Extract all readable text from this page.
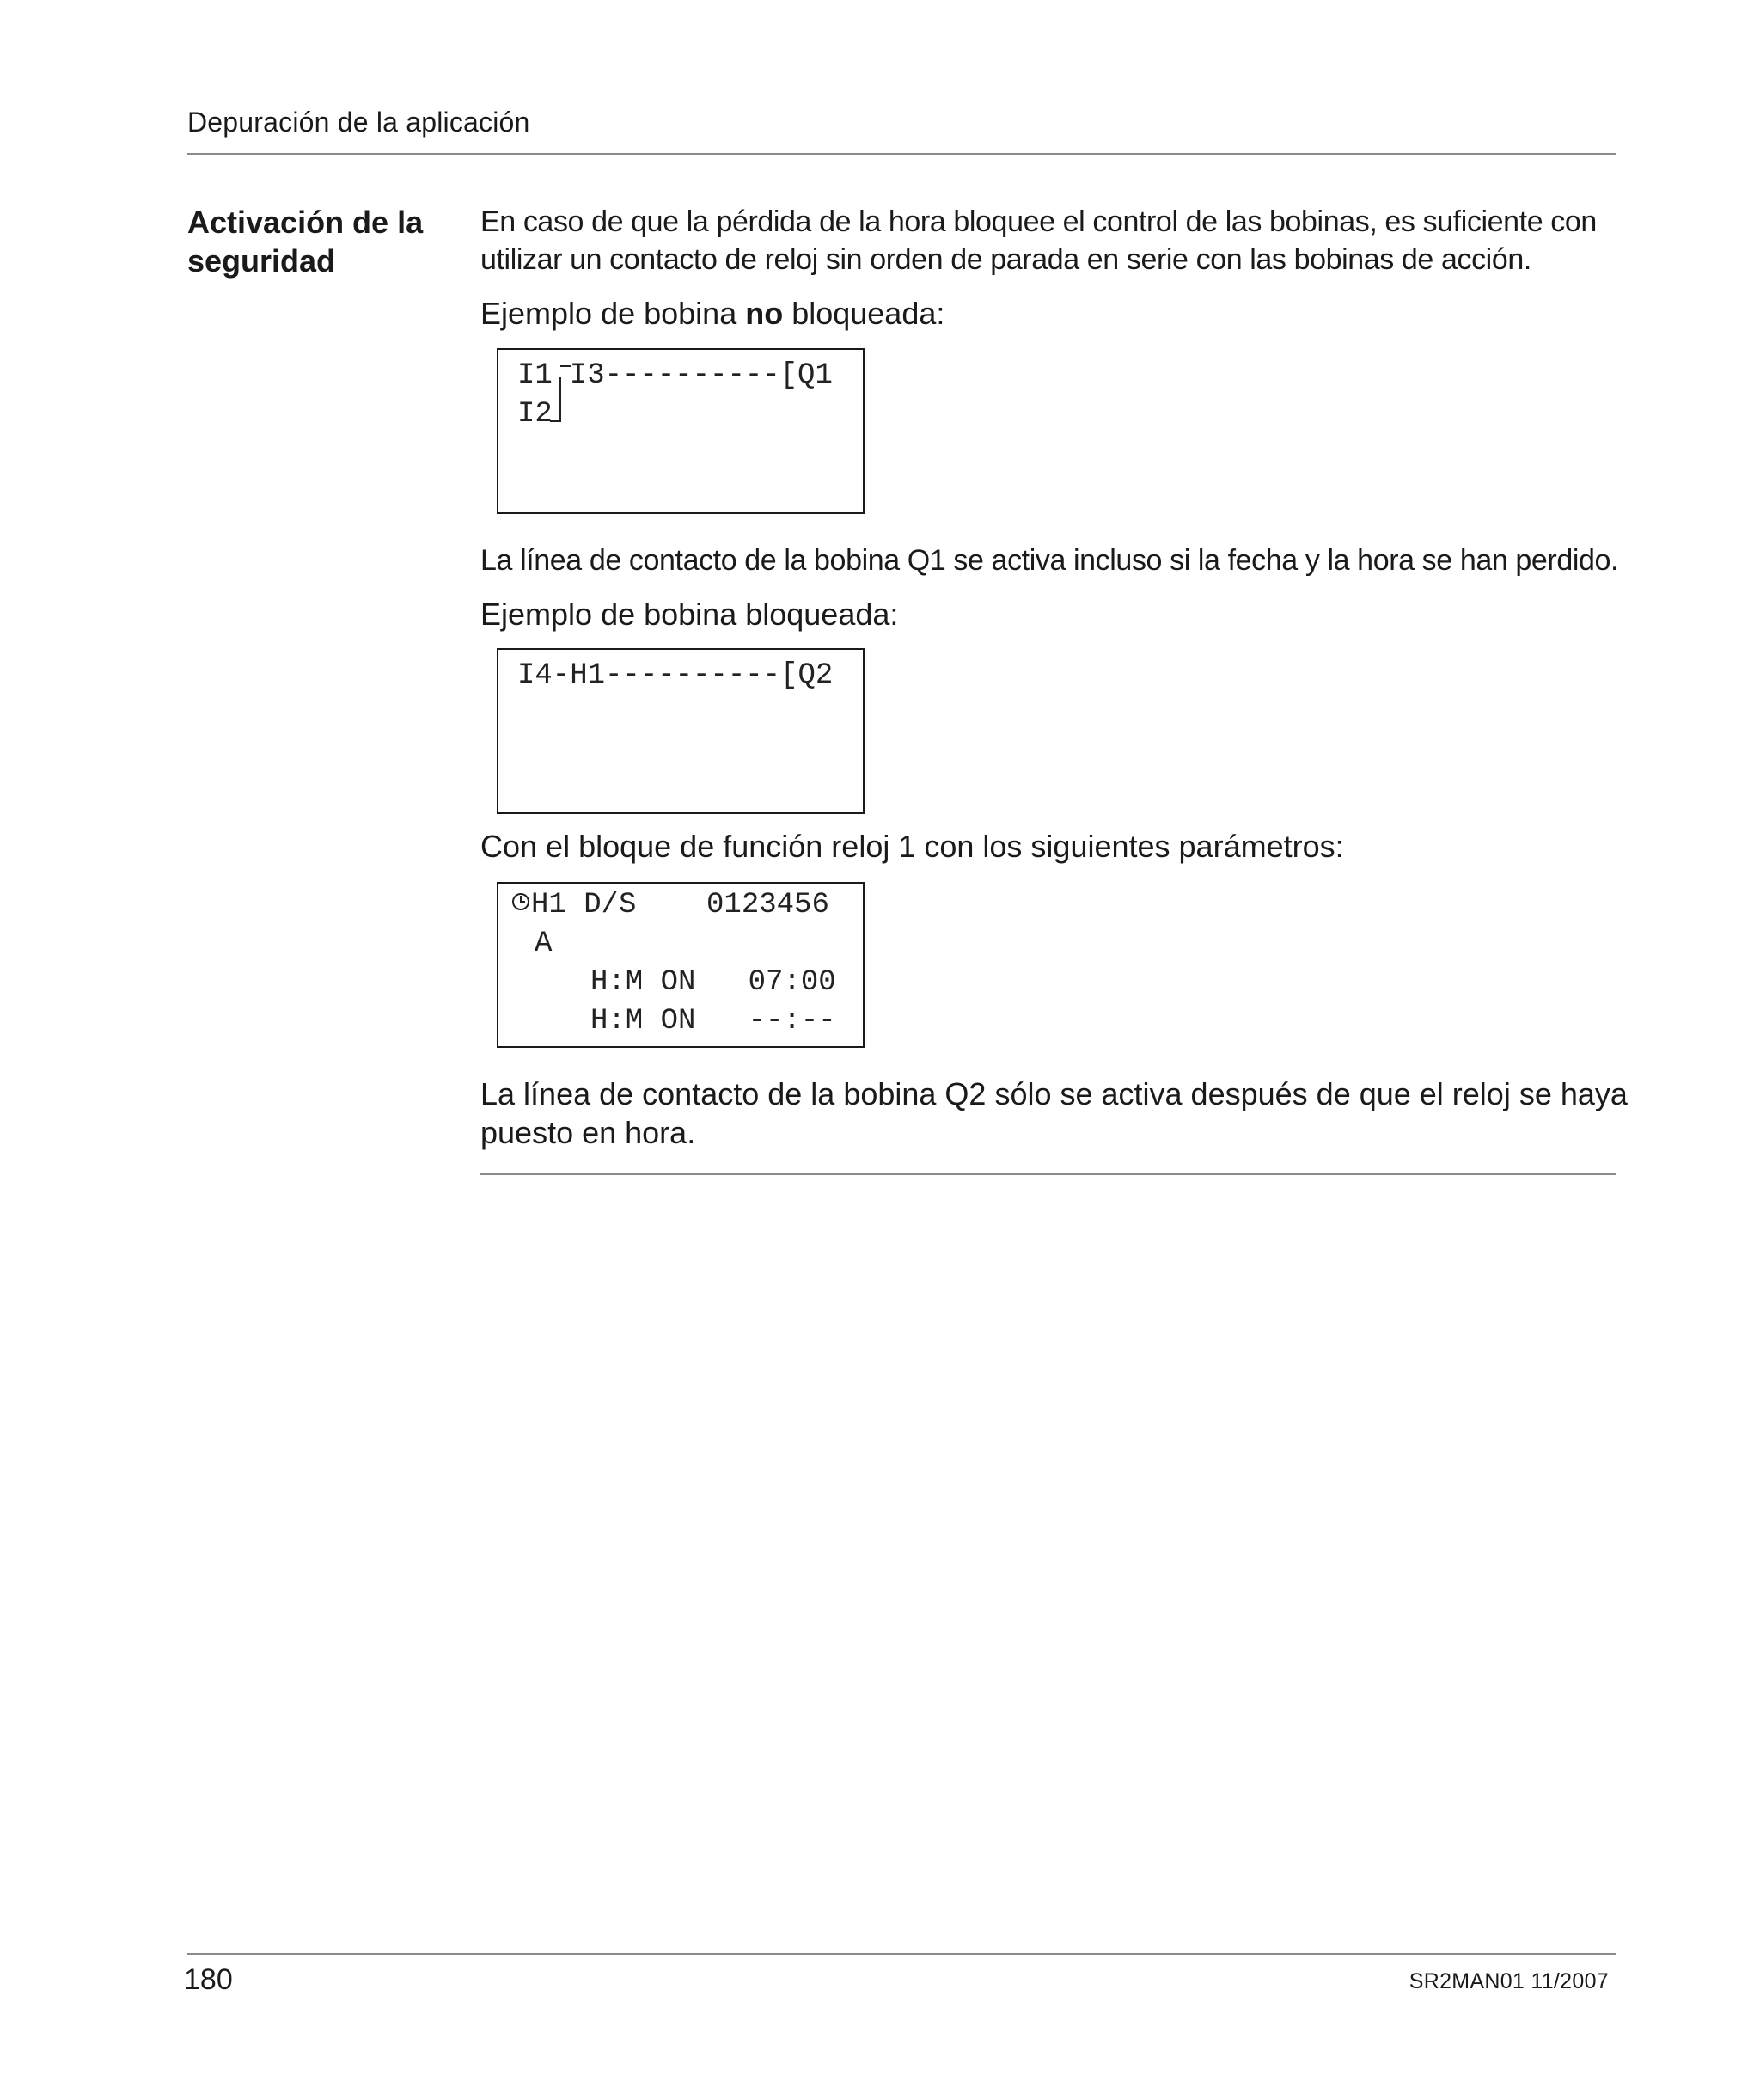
Depuración de la aplicación
Activación de la
seguridad

En caso de que la pérdida de la hora bloquee el control de las bobinas, es suficiente con

utilizar un contacto de reloj sin orden de parada en serie con las bobinas de acción.

Ejemplo de bobina no bloqueada:

I1 I3----------[Q1
I2

La línea de contacto de la bobina Q1 se activa incluso si la fecha y la hora se han perdido.

Ejemplo de bobina bloqueada:

I4-H1----------[Q2

Con el bloque de función reloj 1 con los siguientes parámetros:

H1 D/S    0123456
A
H:M ON   07:00
H:M ON   --:--

La línea de contacto de la bobina Q2 sólo se activa después de que el reloj se haya

puesto en hora.

180	SR2MAN01 11/2007
